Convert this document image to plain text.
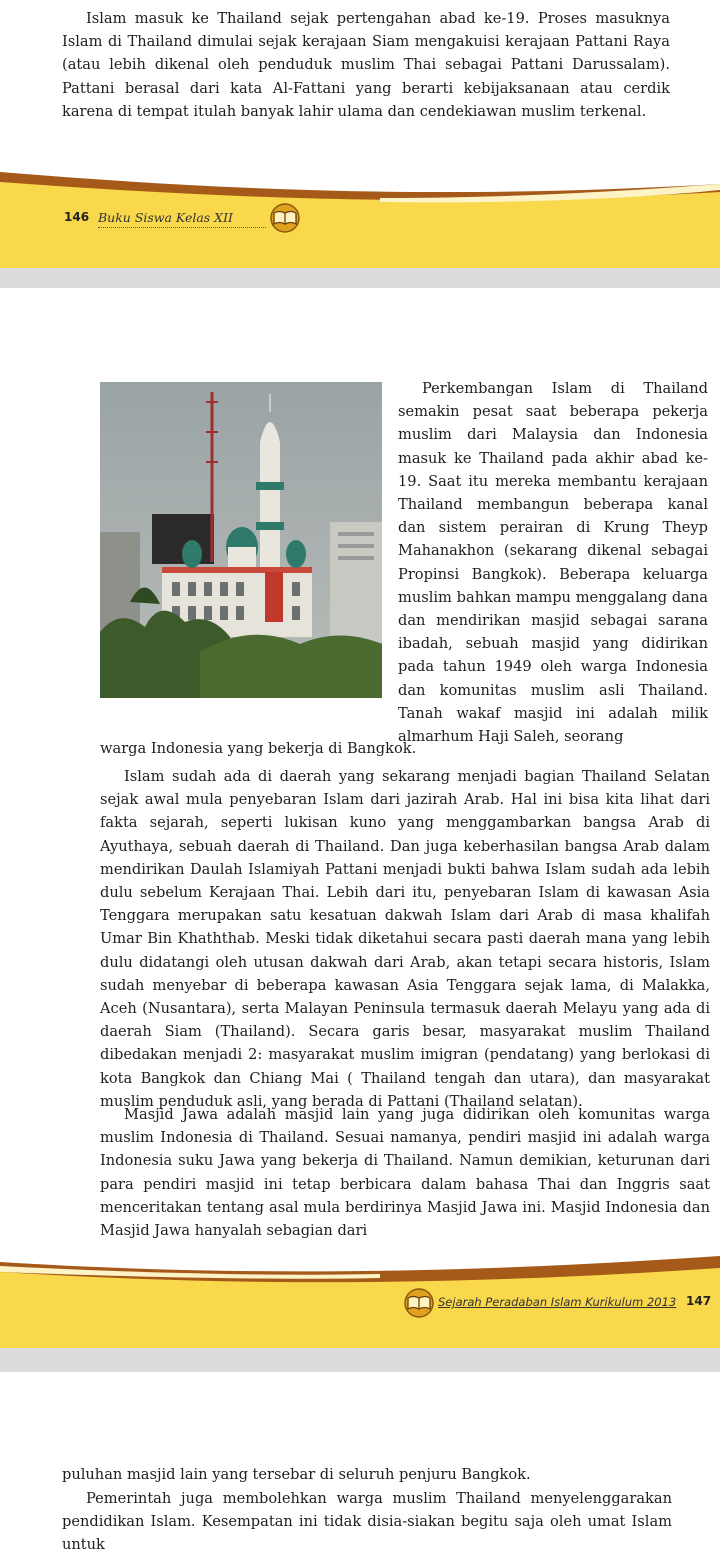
Islam masuk ke Thailand sejak pertengahan abad ke-19. Proses masuknya Islam di Thailand dimulai sejak kerajaan Siam mengakuisi kerajaan Pattani Raya (atau lebih dikenal oleh penduduk muslim Thai sebagai Pattani Darussalam). Pattani berasal dari kata Al-Fattani yang berarti kebijaksanaan atau cerdik karena di tempat itulah banyak lahir ulama dan cendekiawan muslim terkenal.

146 Buku Siswa Kelas XII

Perkembangan Islam di Thailand semakin pesat saat beberapa pekerja muslim dari Malaysia dan Indonesia masuk ke Thailand pada akhir abad ke-19. Saat itu mereka membantu kerajaan Thailand membangun beberapa kanal dan sistem perairan di Krung Theyp Mahanakhon (sekarang dikenal sebagai Propinsi Bangkok). Beberapa keluarga muslim bahkan mampu menggalang dana dan mendirikan masjid sebagai sarana ibadah, sebuah masjid yang didirikan pada tahun 1949 oleh warga Indonesia dan komunitas muslim asli Thailand. Tanah wakaf masjid ini adalah milik almarhum Haji Saleh, seorang

warga Indonesia yang bekerja di Bangkok.

Islam sudah ada di daerah yang sekarang menjadi bagian Thailand Selatan sejak awal mula penyebaran Islam dari jazirah Arab. Hal ini bisa kita lihat dari fakta sejarah, seperti lukisan kuno yang menggambarkan bangsa Arab di Ayuthaya, sebuah daerah di Thailand. Dan juga keberhasilan bangsa Arab dalam mendirikan Daulah Islamiyah Pattani menjadi bukti bahwa Islam sudah ada lebih dulu sebelum Kerajaan Thai. Lebih dari itu, penyebaran Islam di kawasan Asia Tenggara merupakan satu kesatuan dakwah Islam dari Arab di masa khalifah Umar Bin Khaththab. Meski tidak diketahui secara pasti daerah mana yang lebih dulu didatangi oleh utusan dakwah dari Arab, akan tetapi secara historis, Islam sudah menyebar di beberapa kawasan Asia Tenggara sejak lama, di Malakka, Aceh (Nusantara), serta Malayan Peninsula termasuk daerah Melayu yang ada di daerah Siam (Thailand). Secara garis besar, masyarakat muslim Thailand dibedakan menjadi 2: masyarakat muslim imigran (pendatang) yang berlokasi di kota Bangkok dan Chiang Mai ( Thailand tengah dan utara), dan masyarakat muslim penduduk asli, yang berada di Pattani (Thailand selatan).

Masjid Jawa adalah masjid lain yang juga didirikan oleh komunitas warga muslim Indonesia di Thailand. Sesuai namanya, pendiri masjid ini adalah warga Indonesia suku Jawa yang bekerja di Thailand. Namun demikian, keturunan dari para pendiri masjid ini tetap berbicara dalam bahasa Thai dan Inggris saat menceritakan tentang asal mula berdirinya Masjid Jawa ini. Masjid Indonesia dan Masjid Jawa hanyalah sebagian dari

Sejarah Peradaban Islam Kurikulum 2013 147

puluhan masjid lain yang tersebar di seluruh penjuru Bangkok.

Pemerintah juga membolehkan warga muslim Thailand menyelenggarakan pendidikan Islam. Kesempatan ini tidak disia-siakan begitu saja oleh umat Islam untuk
